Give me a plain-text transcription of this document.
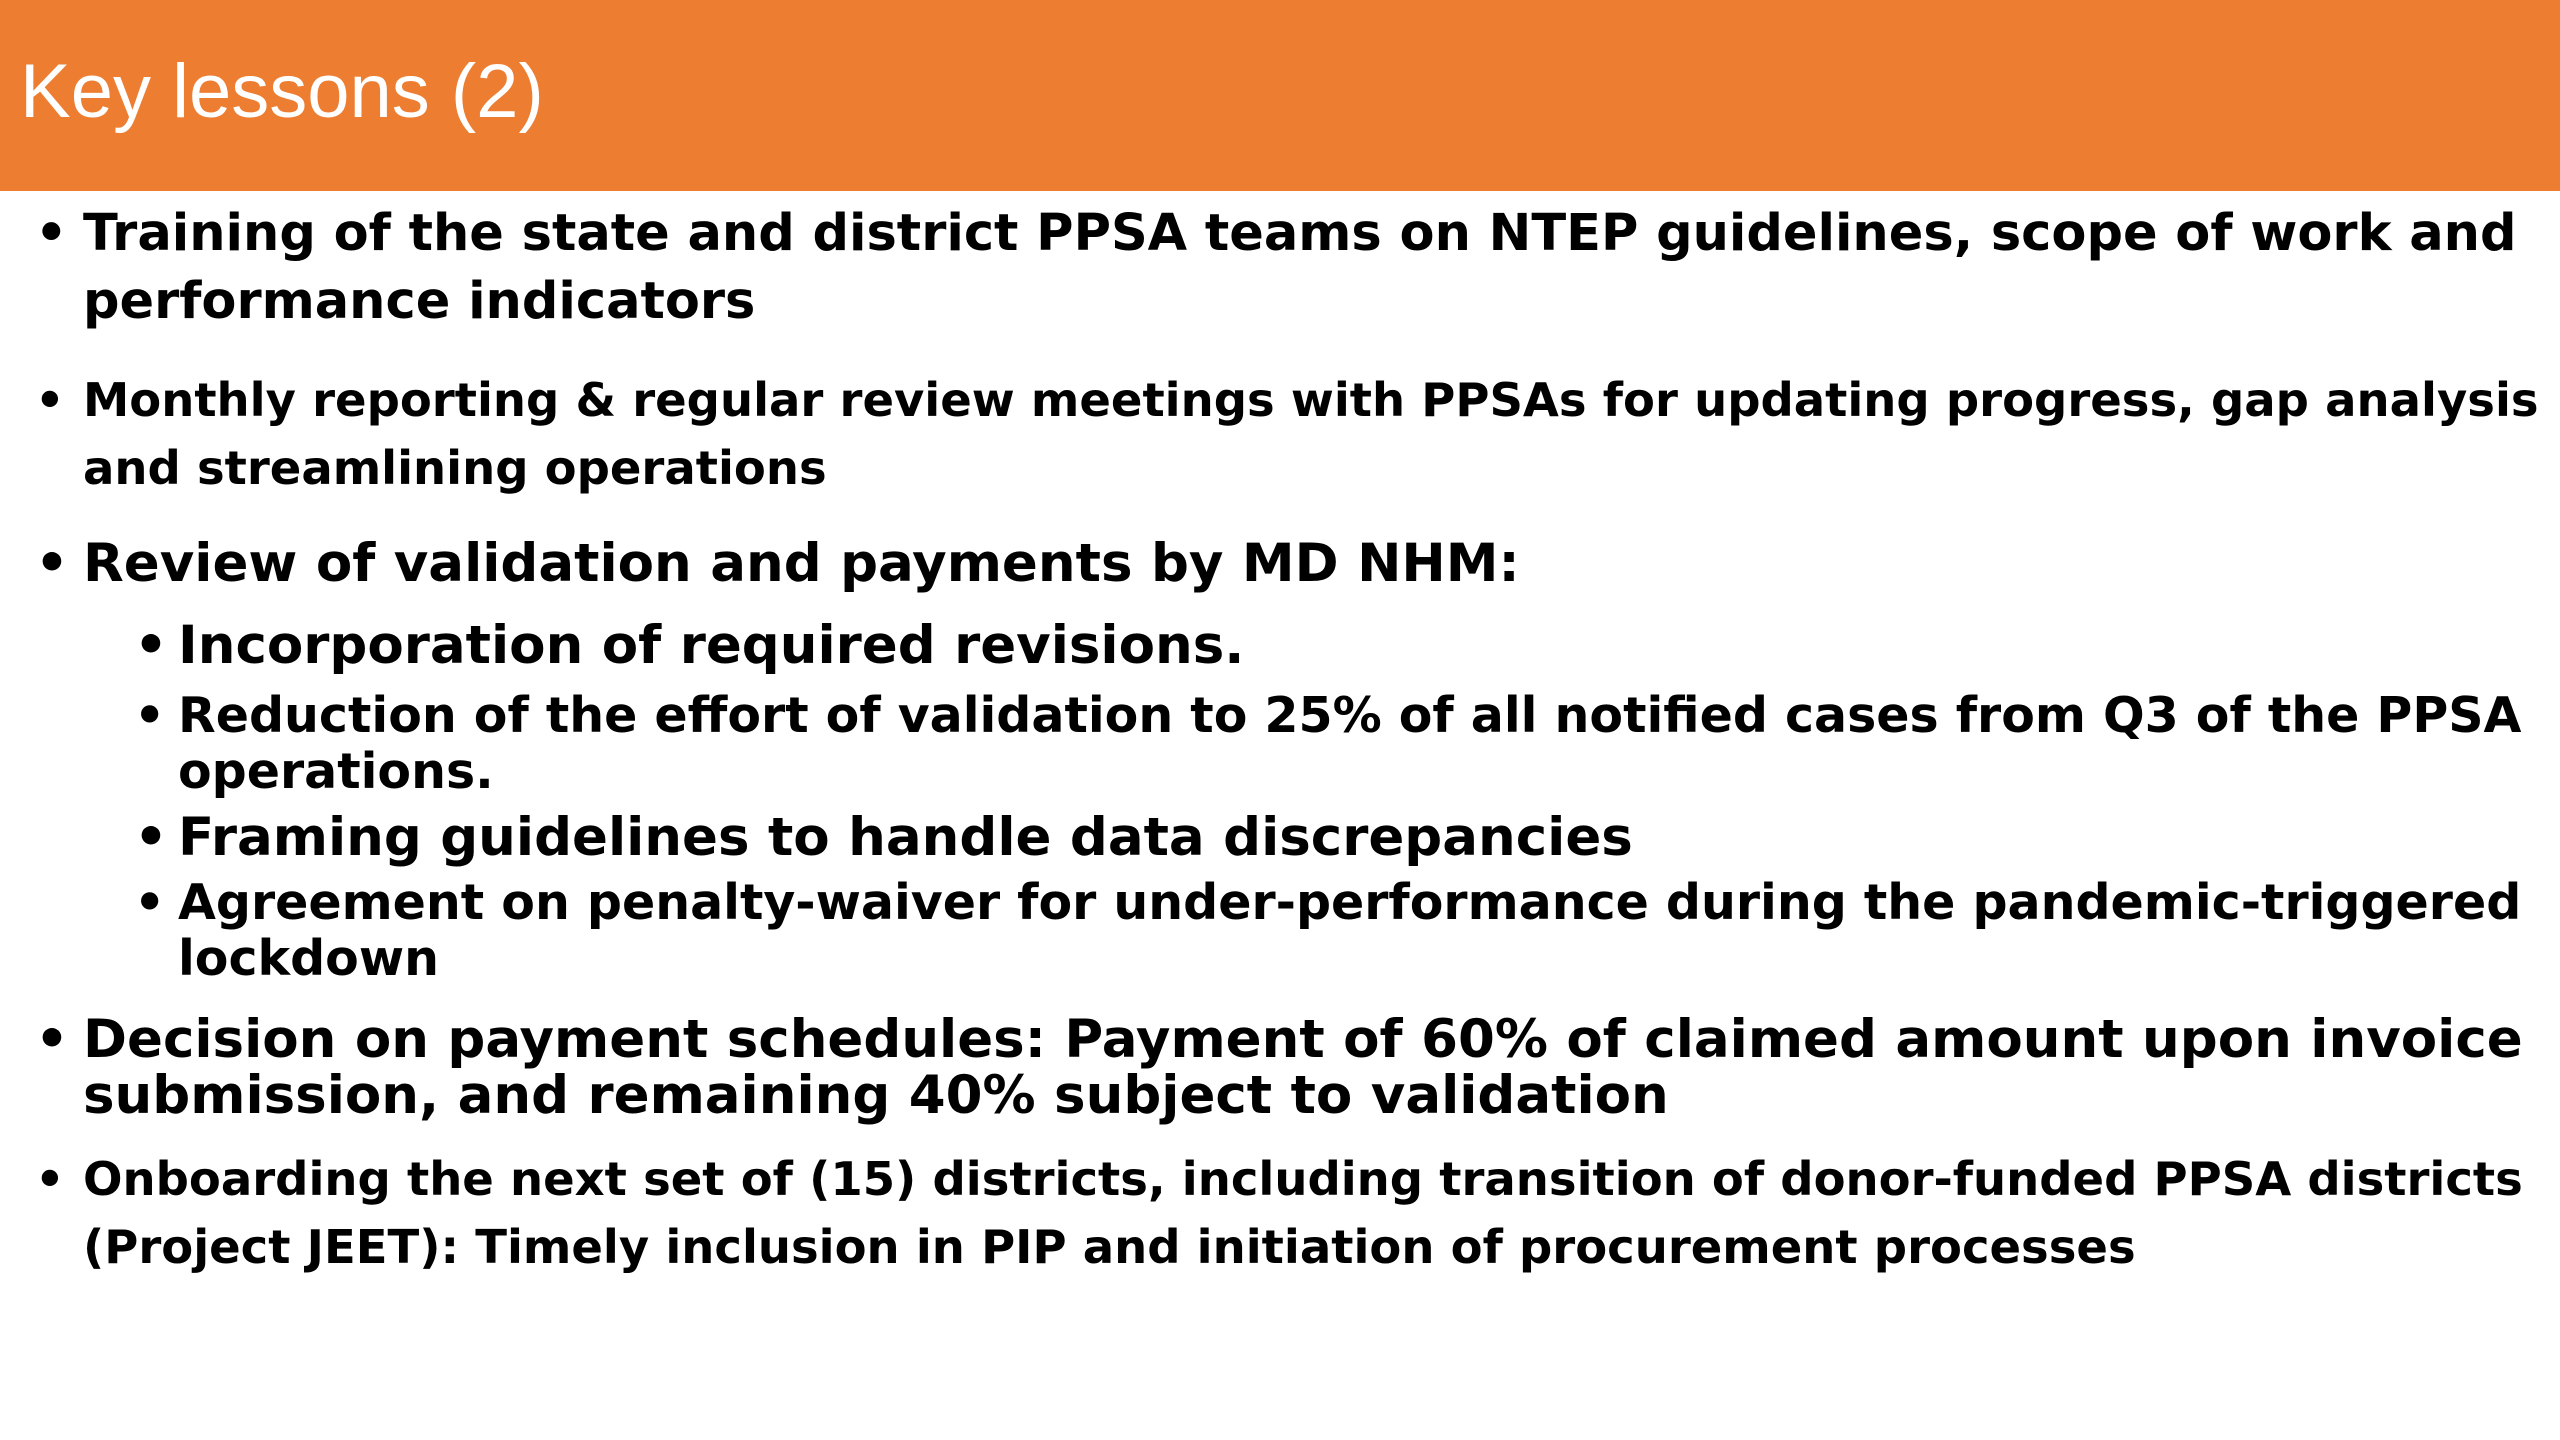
Key lessons (2)
• Training of the state and district PPSA teams on NTEP guidelines, scope of work and
performance indicators
• Monthly reporting & regular review meetings with PPSAs for updating progress, gap analysis
and streamlining operations
• Review of validation and payments by MD NHM:
• Incorporation of required revisions.
• Reduction of the effort of validation to 25% of all notified cases from Q3 of the PPSA
operations.
• Framing guidelines to handle data discrepancies
• Agreement on penalty-waiver for under-performance during the pandemic-triggered
lockdown
• Decision on payment schedules: Payment of 60% of claimed amount upon invoice
submission, and remaining 40% subject to validation
• Onboarding the next set of (15) districts, including transition of donor-funded PPSA districts
(Project JEET): Timely inclusion in PIP and initiation of procurement processes
